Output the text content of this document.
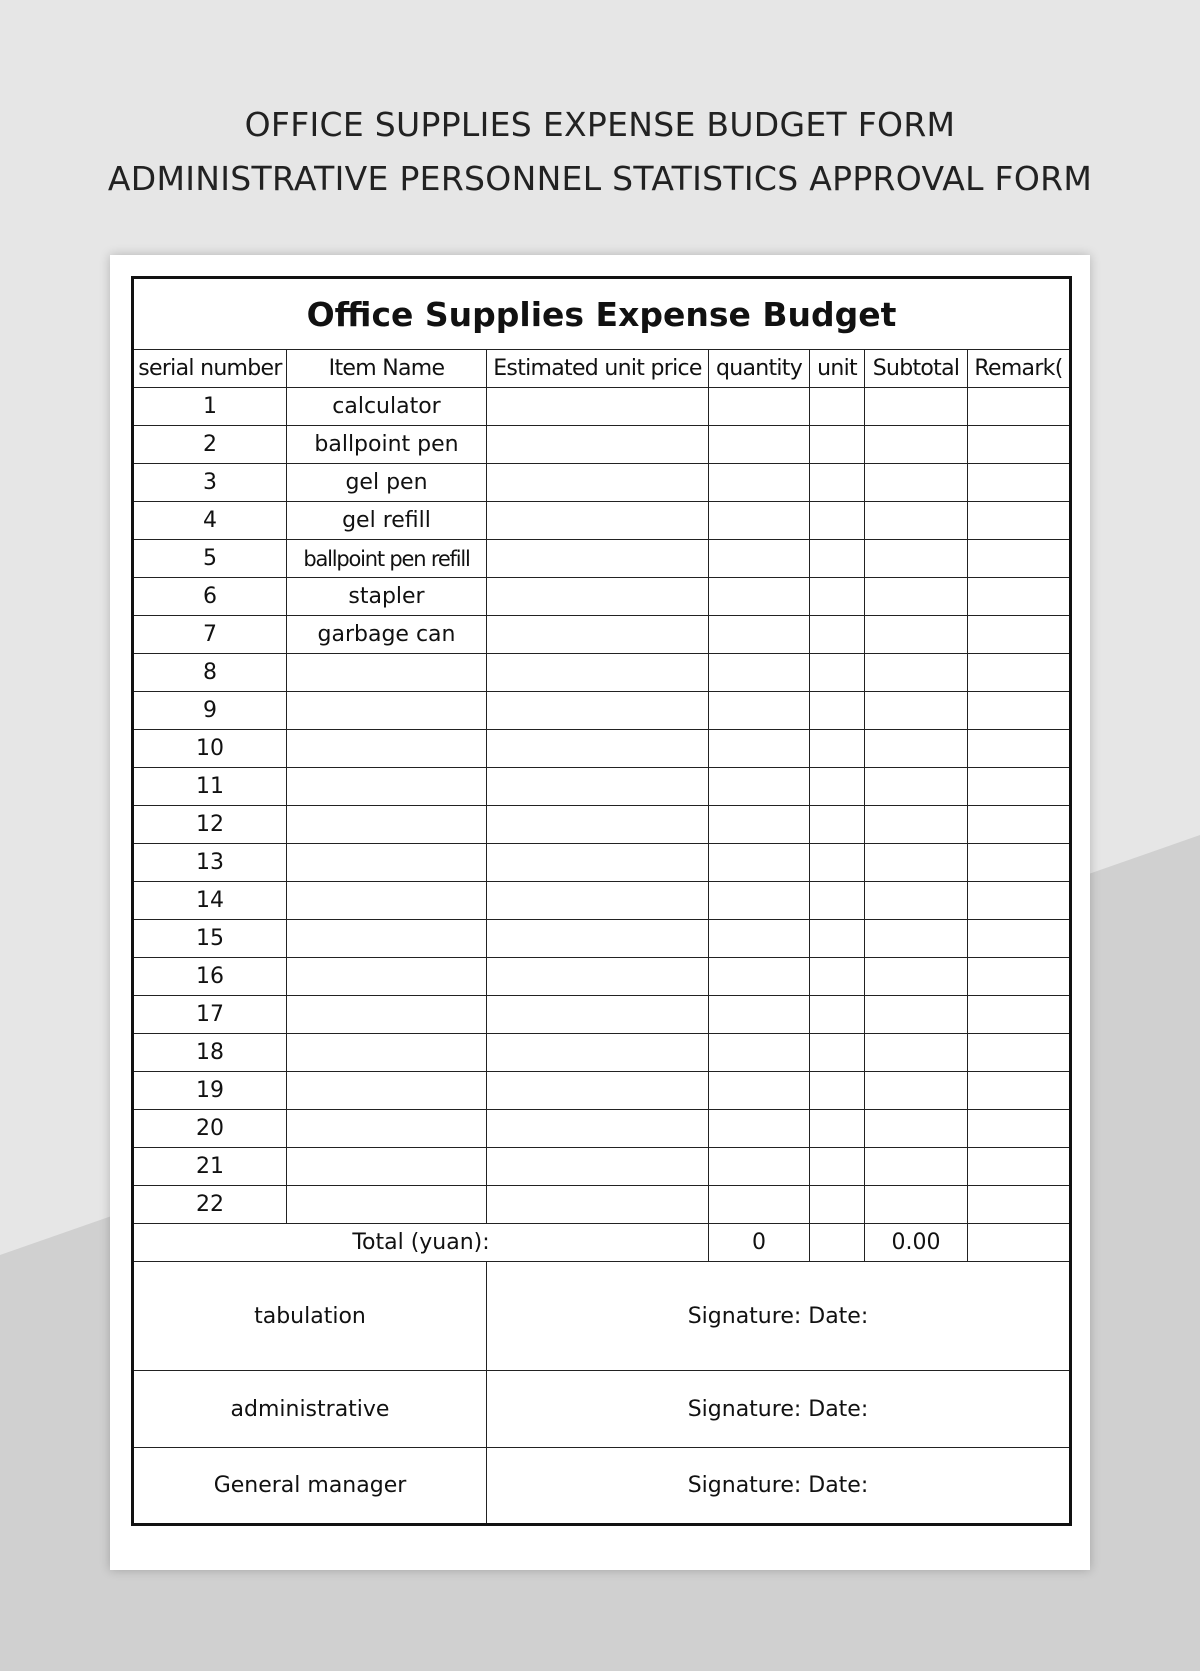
OFFICE SUPPLIES EXPENSE BUDGET FORM
ADMINISTRATIVE PERSONNEL STATISTICS APPROVAL FORM
Office Supplies Expense Budget						
serial number	Item Name	Estimated unit price	quantity	unit	Subtotal	Remark(
1	calculator					
2	ballpoint pen					
3	gel pen					
4	gel refill					
5	ballpoint pen refill					
6	stapler					
7	garbage can					
8						
9						
10						
11						
12						
13						
14						
15						
16						
17						
18						
19						
20						
21						
22						
Total (yuan):			0		0.00	
tabulation		Signature: Date:				
administrative		Signature: Date:				
General manager		Signature: Date:				
